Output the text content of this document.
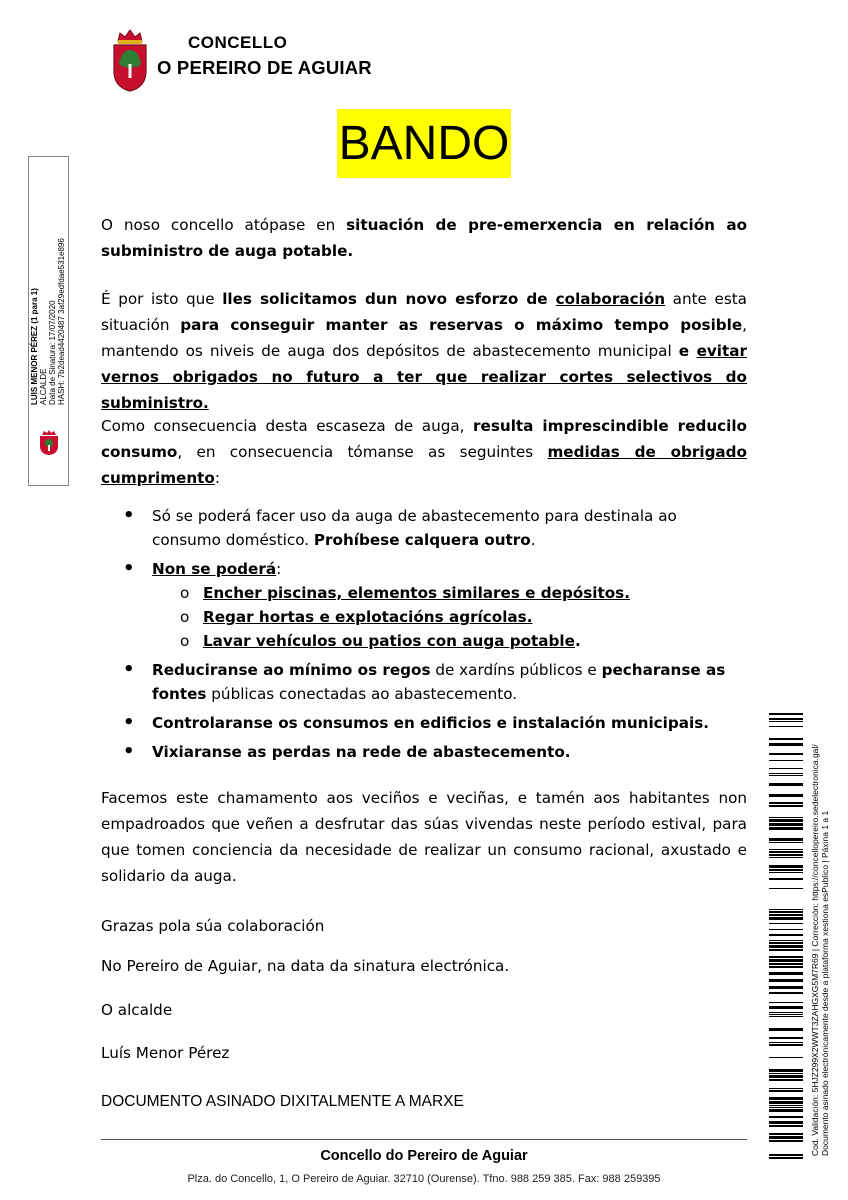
CONCELLO
O PEREIRO DE AGUIAR
BANDO
O noso concello atópase en situación de pre-emerxencia en relación ao subministro de auga potable.
É por isto que lles solicitamos dun novo esforzo de colaboración ante esta situación para conseguir manter as reservas o máximo tempo posible, mantendo os niveis de auga dos depósitos de abastecemento municipal e evitar vernos obrigados no futuro a ter que realizar cortes selectivos do subministro.
Como consecuencia desta escaseza de auga, resulta imprescindible reducilo consumo, en consecuencia tómanse as seguintes medidas de obrigado cumprimento:
• Só se poderá facer uso da auga de abastecemento para destinala ao consumo doméstico. Prohíbese calquera outro.
• Non se poderá:
o Encher piscinas, elementos similares e depósitos.
o Regar hortas e explotacións agrícolas.
o Lavar vehículos ou patios con auga potable.
• Reduciranse ao mínimo os regos de xardíns públicos e pecharanse as fontes públicas conectadas ao abastecemento.
• Controlaranse os consumos en edificios e instalación municipais.
• Vixiaranse as perdas na rede de abastecemento.
Facemos este chamamento aos veciños e veciñas, e tamén aos habitantes non empadroados que veñen a desfrutar das súas vivendas neste período estival, para que tomen conciencia da necesidade de realizar un consumo racional, axustado e solidario da auga.
Grazas pola súa colaboración
No Pereiro de Aguiar, na data da sinatura electrónica.
O alcalde
Luís Menor Pérez
DOCUMENTO ASINADO DIXITALMENTE A MARXE
Concello do Pereiro de Aguiar
Plza. do Concello, 1, O Pereiro de Aguiar. 32710 (Ourense). Tfno. 988 259 385. Fax: 988 259395
LUIS MENOR PÉREZ (1 para 1) ALCALDE Data de Sinatura: 17/07/2020 HASH: 7b2dead4420487 3af29edfdae531e896
Cod. Validación: 5HJZ299X2WWT3ZAHGXG5M7R69 | Corrección: https://concellopereiro.sedelectronica.gal/ Documento asinado electrónicamente desde a plataforma xestiona esPublico | Páxina 1 a 1
